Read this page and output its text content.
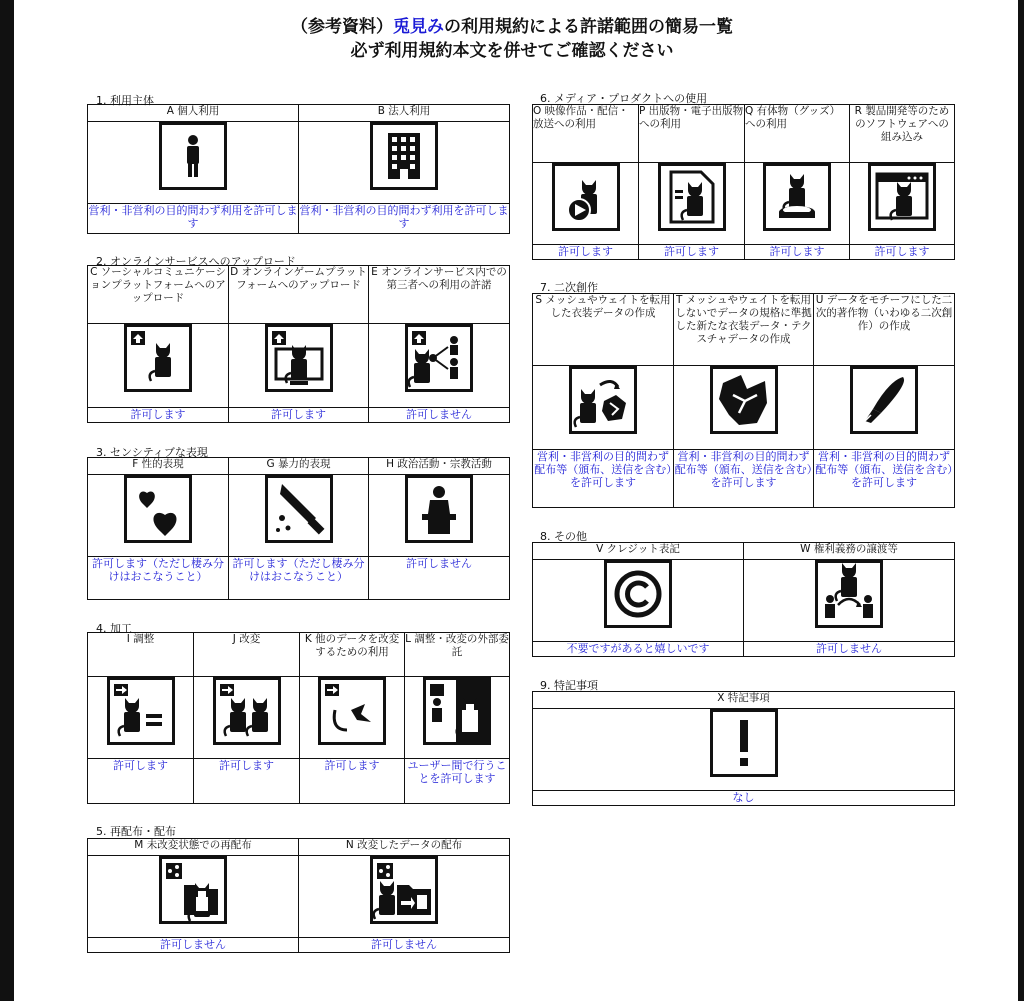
（参考資料）兎見みの利用規約による許諾範囲の簡易一覧
必ず利用規約本文を併せてご確認ください
1. 利用主体
A 個人利用	B 法人利用

営利・非営利の目的問わず利用を許可します	営利・非営利の目的問わず利用を許可します
2. オンラインサービスへのアップロード
C ソーシャルコミュニケーションプラットフォームへのアップロード	D オンラインゲームプラットフォームへのアップロード	E オンラインサービス内での第三者への利用の許諾

許可します	許可します	許可しません
3. センシティブな表現
F 性的表現	G 暴力的表現	H 政治活動・宗教活動

許可します（ただし棲み分けはおこなうこと）	許可します（ただし棲み分けはおこなうこと）	許可しません
4. 加工
I 調整	J 改変	K 他のデータを改変するための利用	L 調整・改変の外部委託

許可します	許可します	許可します	ユーザー間で行うことを許可します
5. 再配布・配布
M 未改変状態での再配布	N 改変したデータの配布

許可しません	許可しません
6. メディア・プロダクトへの使用
O 映像作品・配信・放送への利用	P 出版物・電子出版物への利用	Q 有体物（グッズ）への利用	R 製品開発等のためのソフトウェアへの組み込み

許可します	許可します	許可します	許可します
7. 二次創作
S メッシュやウェイトを転用した衣装データの作成	T メッシュやウェイトを転用しないでデータの規格に準拠した新たな衣装データ・テクスチャデータの作成	U データをモチーフにした二次的著作物（いわゆる二次創作）の作成

営利・非営利の目的問わず配布等（頒布、送信を含む）を許可します	営利・非営利の目的問わず配布等（頒布、送信を含む）を許可します	営利・非営利の目的問わず配布等（頒布、送信を含む）を許可します
8. その他
V クレジット表記	W 権利義務の譲渡等

不要ですがあると嬉しいです	許可しません
9. 特記事項
X 特記事項

なし
